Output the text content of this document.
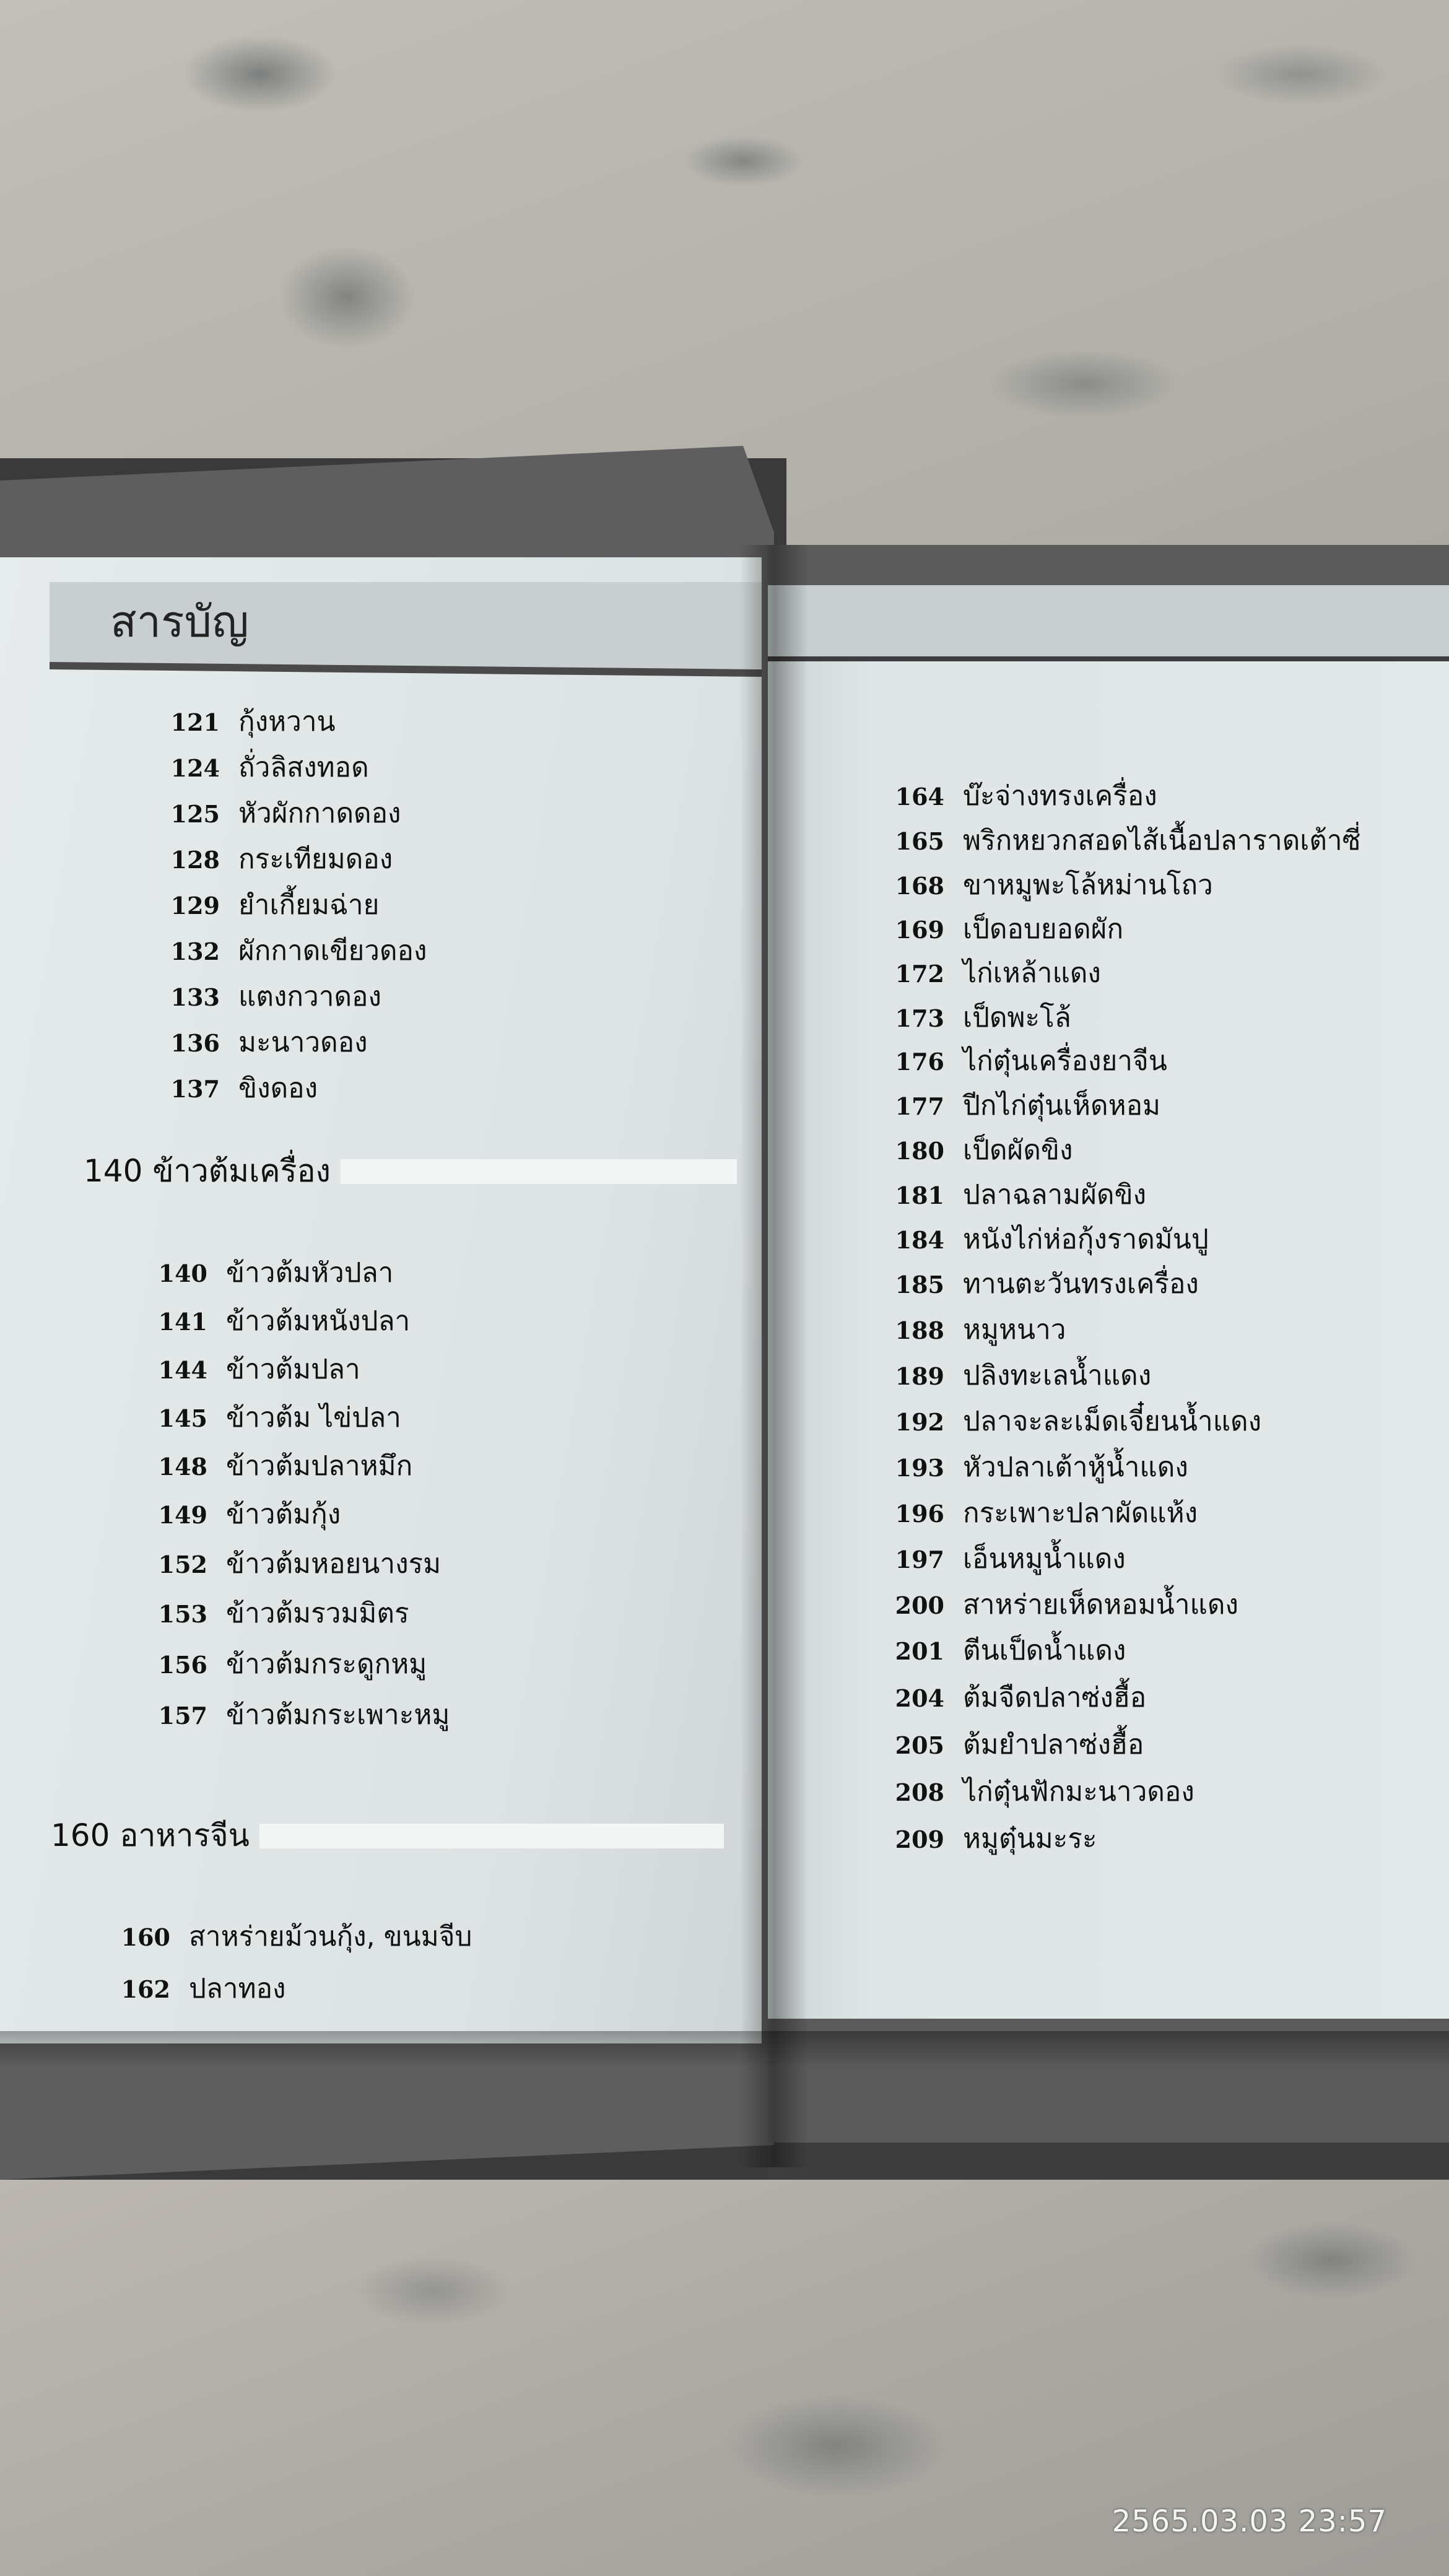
สารบัญ
121 กุ้งหวาน
124 ถั่วลิสงทอด
125 หัวผักกาดดอง
128 กระเทียมดอง
129 ยำเกี้ยมฉ่าย
132 ผักกาดเขียวดอง
133 แตงกวาดอง
136 มะนาวดอง
137 ขิงดอง
140 ข้าวต้มเครื่อง
140 ข้าวต้มหัวปลา
141 ข้าวต้มหนังปลา
144 ข้าวต้มปลา
145 ข้าวต้ม ไข่ปลา
148 ข้าวต้มปลาหมึก
149 ข้าวต้มกุ้ง
152 ข้าวต้มหอยนางรม
153 ข้าวต้มรวมมิตร
156 ข้าวต้มกระดูกหมู
157 ข้าวต้มกระเพาะหมู
160 อาหารจีน
160 สาหร่ายม้วนกุ้ง, ขนมจีบ
162 ปลาทอง
164 บ๊ะจ่างทรงเครื่อง
165 พริกหยวกสอดไส้เนื้อปลาราดเต้าซี่
168 ขาหมูพะโล้หม่านโถว
169 เป็ดอบยอดผัก
172 ไก่เหล้าแดง
173 เป็ดพะโล้
176 ไก่ตุ๋นเครื่องยาจีน
177 ปีกไก่ตุ๋นเห็ดหอม
180 เป็ดผัดขิง
181 ปลาฉลามผัดขิง
184 หนังไก่ห่อกุ้งราดมันปู
185 ทานตะวันทรงเครื่อง
188 หมูหนาว
189 ปลิงทะเลน้ำแดง
192 ปลาจะละเม็ดเจี๋ยนน้ำแดง
193 หัวปลาเต้าหู้น้ำแดง
196 กระเพาะปลาผัดแห้ง
197 เอ็นหมูน้ำแดง
200 สาหร่ายเห็ดหอมน้ำแดง
201 ตีนเป็ดน้ำแดง
204 ต้มจืดปลาซ่งฮื้อ
205 ต้มยำปลาซ่งฮื้อ
208 ไก่ตุ๋นฟักมะนาวดอง
209 หมูตุ๋นมะระ
2565.03.03 23:57
